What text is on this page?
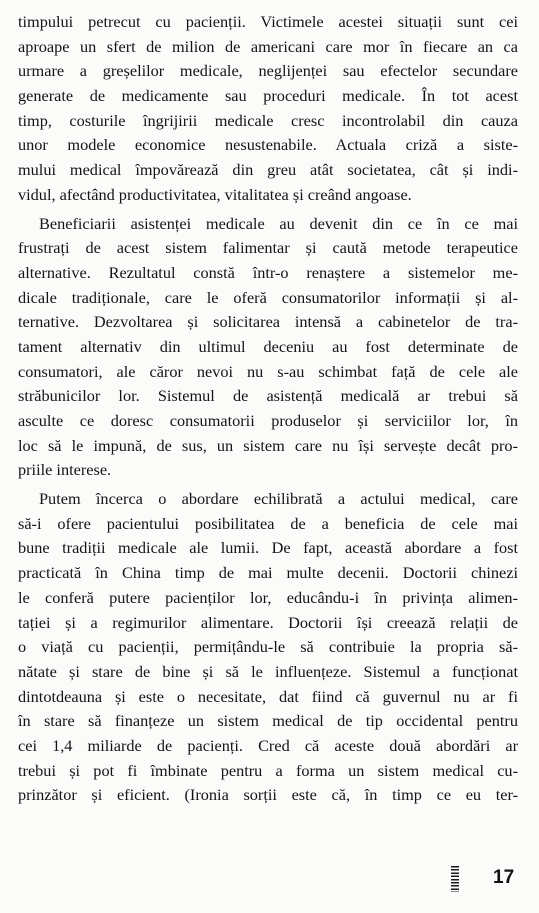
timpului petrecut cu pacienții. Victimele acestei situații sunt cei
aproape un sfert de milion de americani care mor în fiecare an ca
urmare a greșelilor medicale, neglijenței sau efectelor secundare
generate de medicamente sau proceduri medicale. În tot acest
timp, costurile îngrijirii medicale cresc incontrolabil din cauza
unor modele economice nesustenabile. Actuala criză a siste-
mului medical împovărează din greu atât societatea, cât și indi-
vidul, afectând productivitatea, vitalitatea și creând angoase.
Beneficiarii asistenței medicale au devenit din ce în ce mai
frustrați de acest sistem falimentar și caută metode terapeutice
alternative. Rezultatul constă într-o renaștere a sistemelor me-
dicale tradiționale, care le oferă consumatorilor informații și al-
ternative. Dezvoltarea și solicitarea intensă a cabinetelor de tra-
tament alternativ din ultimul deceniu au fost determinate de
consumatori, ale căror nevoi nu s-au schimbat față de cele ale
străbunicilor lor. Sistemul de asistență medicală ar trebui să
asculte ce doresc consumatorii produselor și serviciilor lor, în
loc să le impună, de sus, un sistem care nu își servește decât pro-
priile interese.
Putem încerca o abordare echilibrată a actului medical, care
să-i ofere pacientului posibilitatea de a beneficia de cele mai
bune tradiții medicale ale lumii. De fapt, această abordare a fost
practicată în China timp de mai multe decenii. Doctorii chinezi
le conferă putere pacienților lor, educându-i în privința alimen-
tației și a regimurilor alimentare. Doctorii își creează relații de
o viață cu pacienții, permițându-le să contribuie la propria să-
nătate și stare de bine și să le influențeze. Sistemul a funcționat
dintotdeauna și este o necesitate, dat fiind că guvernul nu ar fi
în stare să finanțeze un sistem medical de tip occidental pentru
cei 1,4 miliarde de pacienți. Cred că aceste două abordări ar
trebui și pot fi îmbinate pentru a forma un sistem medical cu-
prinzător și eficient. (Ironia sorții este că, în timp ce eu ter-
17
